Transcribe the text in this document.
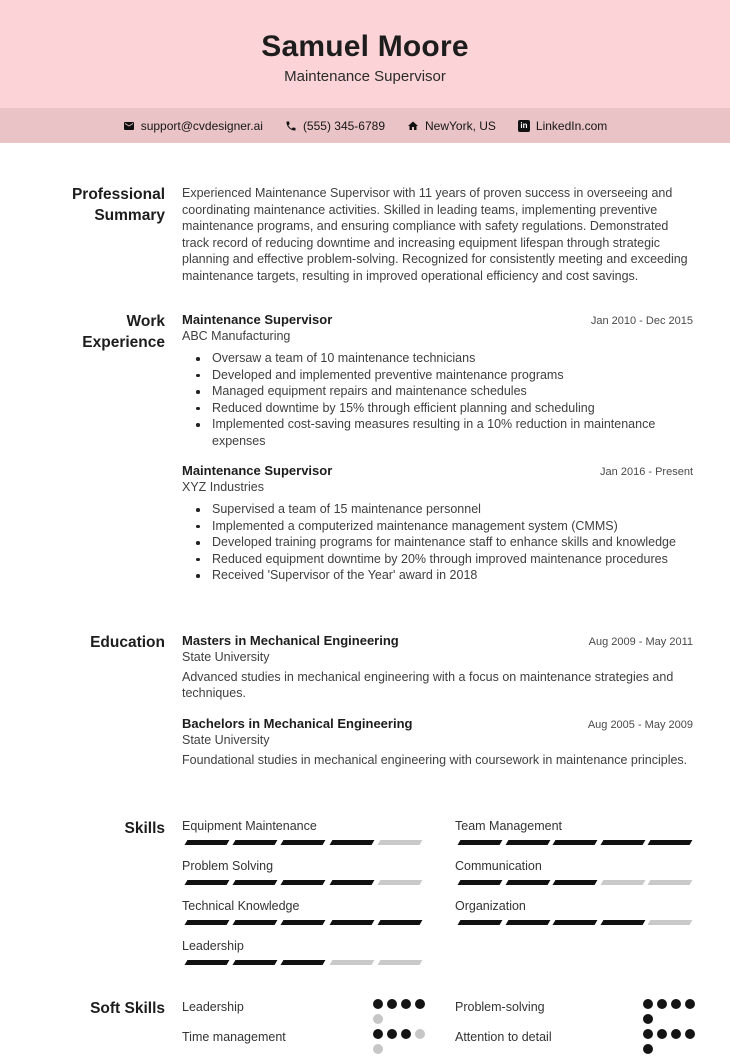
Samuel Moore
Maintenance Supervisor
support@cvdesigner.ai	(555) 345-6789	NewYork, US in	LinkedIn.com
Professional Summary

Experienced Maintenance Supervisor with 11 years of proven success in overseeing and coordinating maintenance activities. Skilled in leading teams, implementing preventive maintenance programs, and ensuring compliance with safety regulations. Demonstrated track record of reducing downtime and increasing equipment lifespan through strategic planning and effective problem-solving. Recognized for consistently meeting and exceeding maintenance targets, resulting in improved operational efficiency and cost savings.

Work Experience
Maintenance Supervisor	Jan 2010 - Dec 2015
ABC Manufacturing
Oversaw a team of 10 maintenance technicians
Developed and implemented preventive maintenance programs
Managed equipment repairs and maintenance schedules
Reduced downtime by 15% through efficient planning and scheduling
Implemented cost-saving measures resulting in a 10% reduction in maintenance expenses
Maintenance Supervisor	Jan 2016 - Present
XYZ Industries
Supervised a team of 15 maintenance personnel
Implemented a computerized maintenance management system (CMMS)
Developed training programs for maintenance staff to enhance skills and knowledge
Reduced equipment downtime by 20% through improved maintenance procedures
Received 'Supervisor of the Year' award in 2018
Education Masters in Mechanical Engineering	Aug 2009 - May 2011
State University

Advanced studies in mechanical engineering with a focus on maintenance strategies and techniques.

Bachelors in Mechanical Engineering	Aug 2005 - May 2009
State University

Foundational studies in mechanical engineering with coursework in maintenance principles.

Skills Equipment Maintenance
Problem Solving
Technical Knowledge
Leadership
Team Management
Communication
Organization
Soft Skills Leadership
Time management
Problem-solving
Attention to detail
